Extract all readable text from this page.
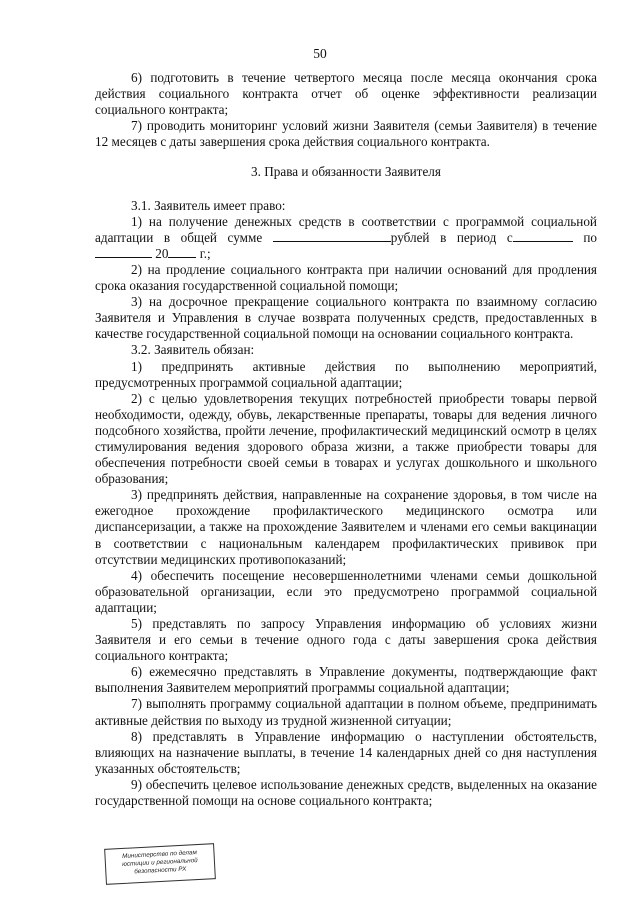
50

6) подготовить в течение четвертого месяца после месяца окончания срока действия социального контракта отчет об оценке эффективности реализации социального контракта;

7) проводить мониторинг условий жизни Заявителя (семьи Заявителя) в течение 12 месяцев с даты завершения срока действия социального контракта.

3. Права и обязанности Заявителя

3.1. Заявитель имеет право:

1) на получение денежных средств в соответствии с программой социальной адаптации в общей сумме	рублей в период с	по  20 г.;

2) на продление социального контракта при наличии оснований для продления срока оказания государственной социальной помощи;

3) на досрочное прекращение социального контракта по взаимному согласию Заявителя и Управления в случае возврата полученных средств, предоставленных в качестве государственной социальной помощи на основании социального контракта.

3.2. Заявитель обязан:

1) предпринять активные действия по выполнению мероприятий, предусмотренных программой социальной адаптации;

2) с целью удовлетворения текущих потребностей приобрести товары первой необходимости, одежду, обувь, лекарственные препараты, товары для ведения личного подсобного хозяйства, пройти лечение, профилактический медицинский осмотр в целях стимулирования ведения здорового образа жизни, а также приобрести товары для обеспечения потребности своей семьи в товарах и услугах дошкольного и школьного образования;

3) предпринять действия, направленные на сохранение здоровья, в том числе на ежегодное прохождение профилактического медицинского осмотра или диспансеризации, а также на прохождение Заявителем и членами его семьи вакцинации в соответствии с национальным календарем профилактических прививок при отсутствии медицинских противопоказаний;

4) обеспечить посещение несовершеннолетними членами семьи дошкольной образовательной организации, если это предусмотрено программой социальной адаптации;

5) представлять по запросу Управления информацию об условиях жизни Заявителя и его семьи в течение одного года с даты завершения срока действия социального контракта;

6) ежемесячно представлять в Управление документы, подтверждающие факт выполнения Заявителем мероприятий программы социальной адаптации;

7) выполнять программу социальной адаптации в полном объеме, предпринимать активные действия по выходу из трудной жизненной ситуации;

8) представлять в Управление информацию о наступлении обстоятельств, влияющих на назначение выплаты, в течение 14 календарных дней со дня наступления указанных обстоятельств;

9) обеспечить целевое использование денежных средств, выделенных на оказание государственной помощи на основе социального контракта;

Министерство по делам
юстиции и региональной
безопасности РХ
